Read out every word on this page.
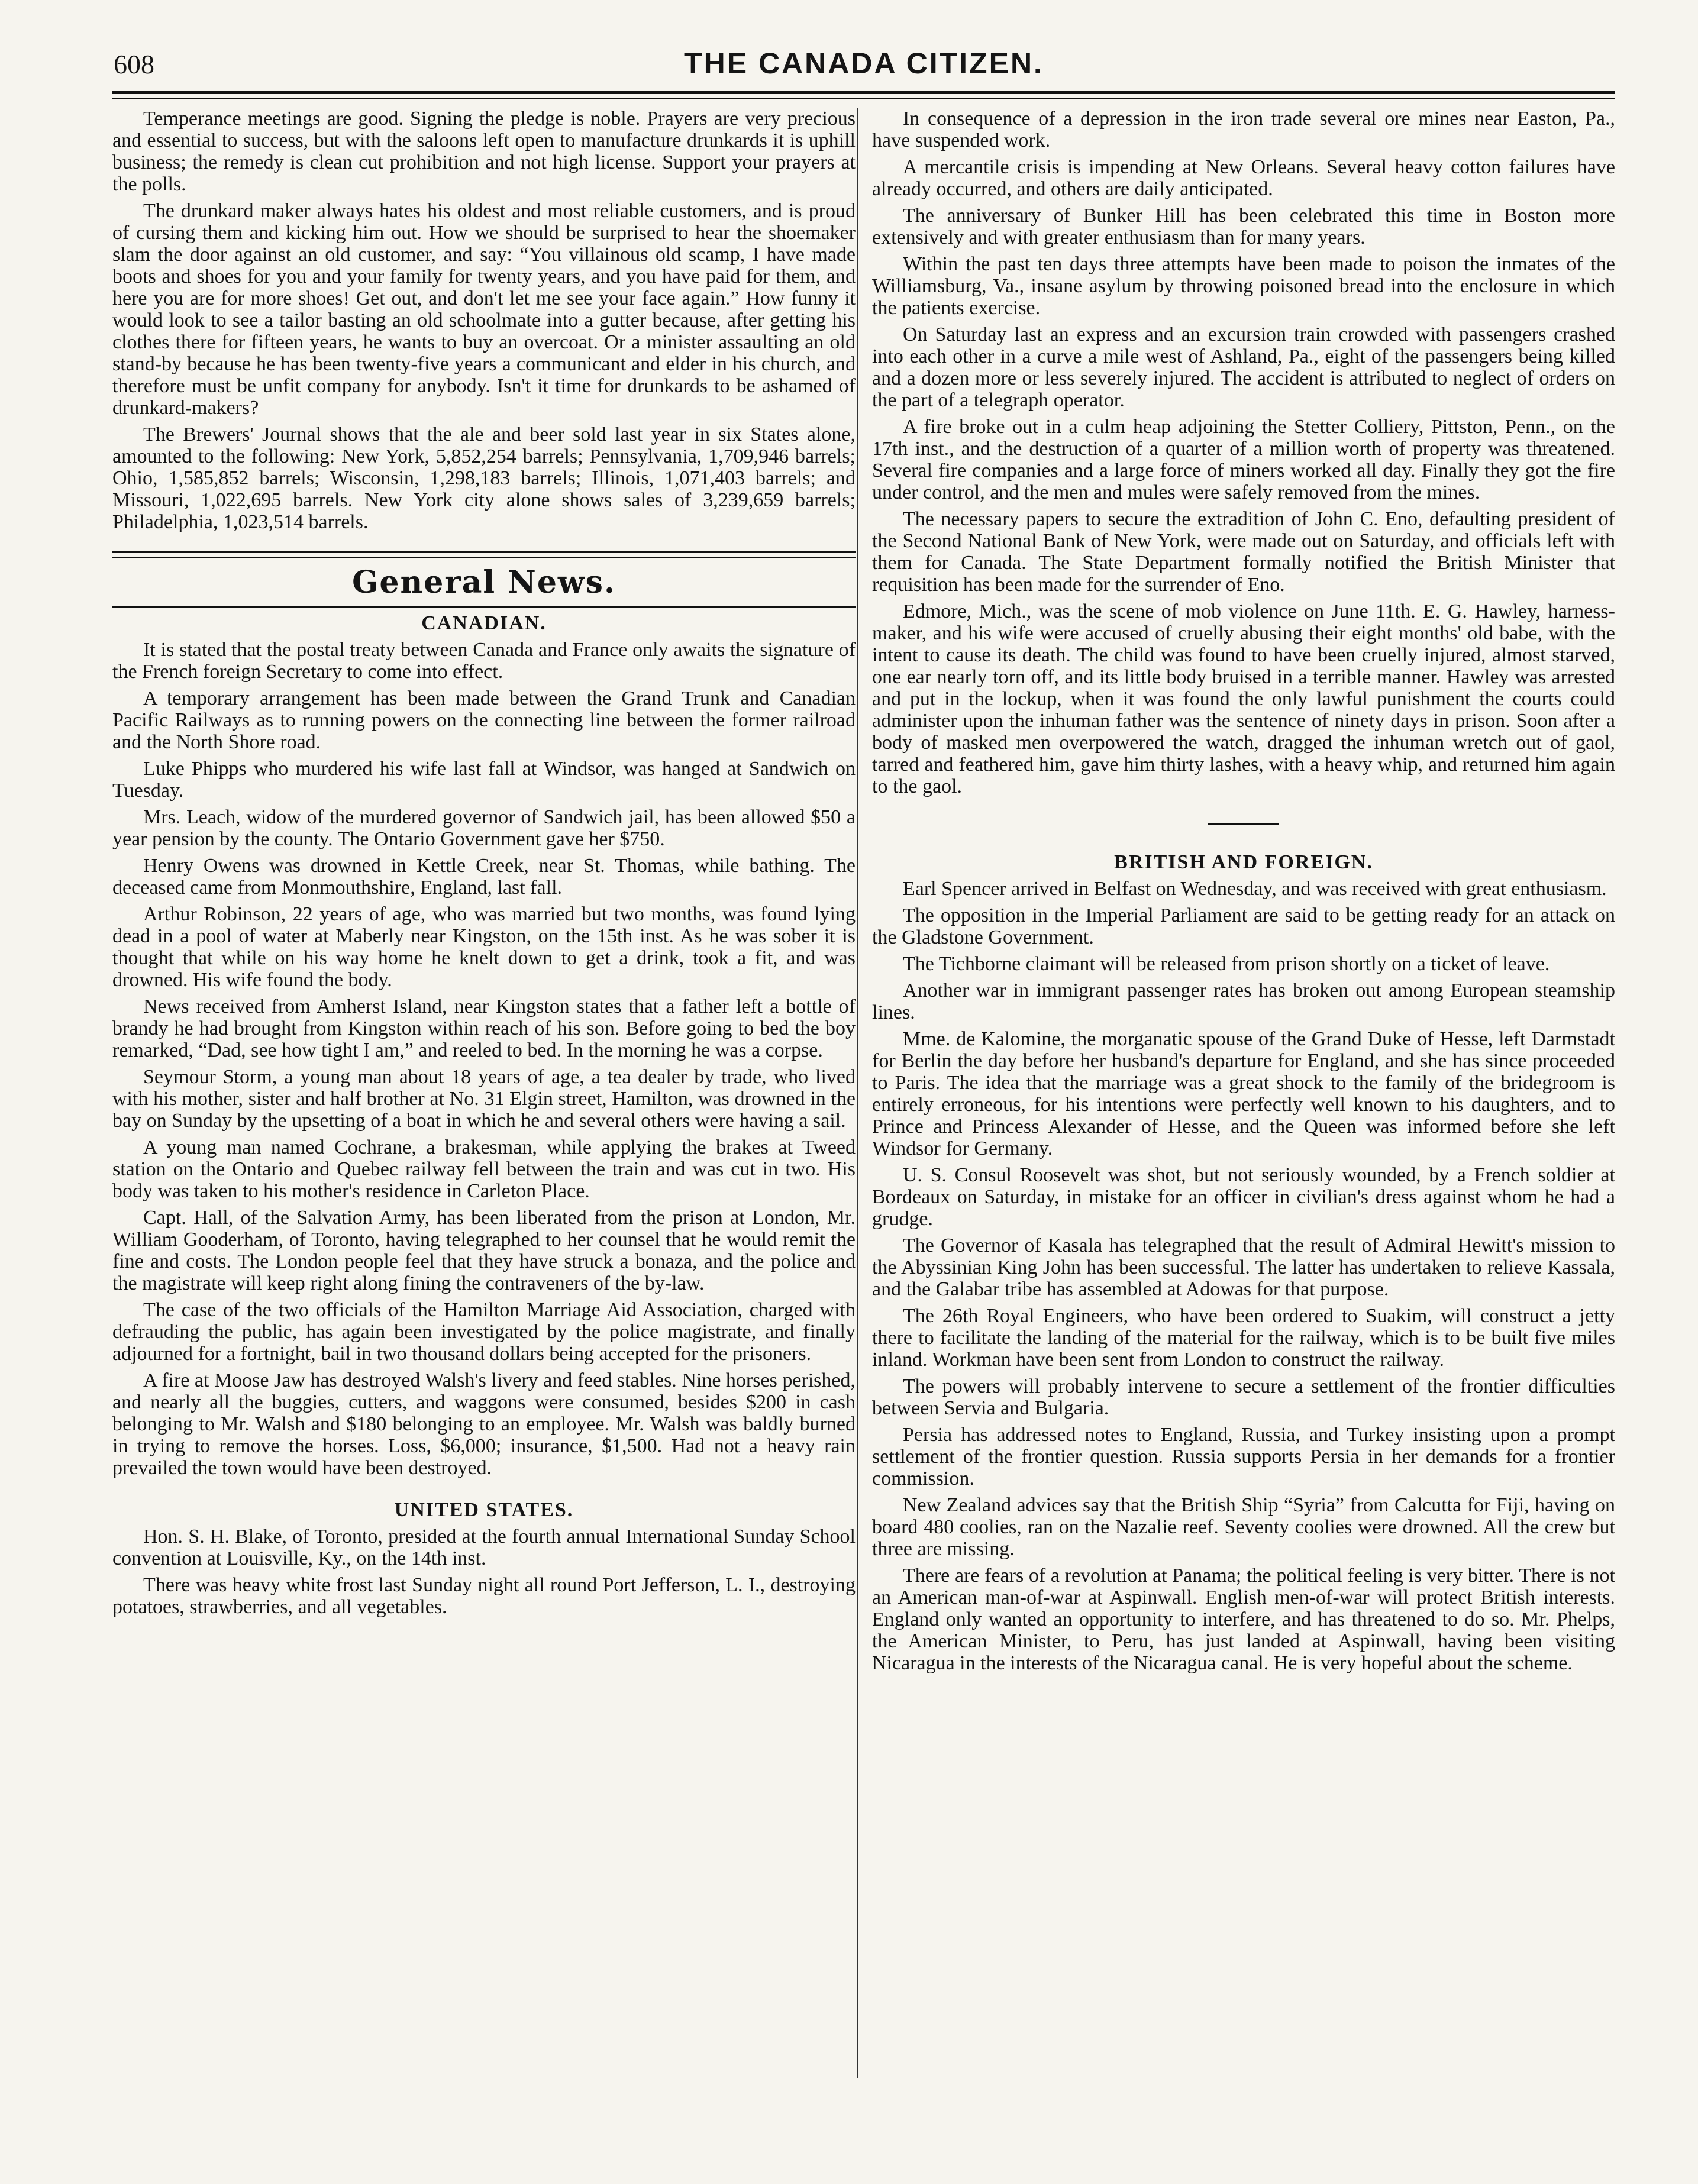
608	THE CANADA CITIZEN.

Temperance meetings are good. Signing the pledge is noble. Prayers are very precious and essential to success, but with the saloons left open to manufacture drunkards it is uphill business; the remedy is clean cut prohibition and not high license. Support your prayers at the polls.

The drunkard maker always hates his oldest and most reliable customers, and is proud of cursing them and kicking him out. How we should be surprised to hear the shoemaker slam the door against an old customer, and say: “You villainous old scamp, I have made boots and shoes for you and your family for twenty years, and you have paid for them, and here you are for more shoes! Get out, and don't let me see your face again.” How funny it would look to see a tailor basting an old schoolmate into a gutter because, after getting his clothes there for fifteen years, he wants to buy an overcoat. Or a minister assaulting an old stand-by because he has been twenty-five years a communicant and elder in his church, and therefore must be unfit company for anybody. Isn't it time for drunkards to be ashamed of drunkard-makers?

The Brewers' Journal shows that the ale and beer sold last year in six States alone, amounted to the following: New York, 5,852,254 barrels; Pennsylvania, 1,709,946 barrels; Ohio, 1,585,852 barrels; Wisconsin, 1,298,183 barrels; Illinois, 1,071,403 barrels; and Missouri, 1,022,695 barrels. New York city alone shows sales of 3,239,659 barrels; Philadelphia, 1,023,514 barrels.

General News.
CANADIAN.

It is stated that the postal treaty between Canada and France only awaits the signature of the French foreign Secretary to come into effect.

A temporary arrangement has been made between the Grand Trunk and Canadian Pacific Railways as to running powers on the connecting line between the former railroad and the North Shore road.

Luke Phipps who murdered his wife last fall at Windsor, was hanged at Sandwich on Tuesday.

Mrs. Leach, widow of the murdered governor of Sandwich jail, has been allowed $50 a year pension by the county. The Ontario Government gave her $750.

Henry Owens was drowned in Kettle Creek, near St. Thomas, while bathing. The deceased came from Monmouthshire, England, last fall.

Arthur Robinson, 22 years of age, who was married but two months, was found lying dead in a pool of water at Maberly near Kingston, on the 15th inst. As he was sober it is thought that while on his way home he knelt down to get a drink, took a fit, and was drowned. His wife found the body.

News received from Amherst Island, near Kingston states that a father left a bottle of brandy he had brought from Kingston within reach of his son. Before going to bed the boy remarked, “Dad, see how tight I am,” and reeled to bed. In the morning he was a corpse.

Seymour Storm, a young man about 18 years of age, a tea dealer by trade, who lived with his mother, sister and half brother at No. 31 Elgin street, Hamilton, was drowned in the bay on Sunday by the upsetting of a boat in which he and several others were having a sail.

A young man named Cochrane, a brakesman, while applying the brakes at Tweed station on the Ontario and Quebec railway fell between the train and was cut in two. His body was taken to his mother's residence in Carleton Place.

Capt. Hall, of the Salvation Army, has been liberated from the prison at London, Mr. William Gooderham, of Toronto, having telegraphed to her counsel that he would remit the fine and costs. The London people feel that they have struck a bonaza, and the police and the magistrate will keep right along fining the contraveners of the by-law.

The case of the two officials of the Hamilton Marriage Aid Association, charged with defrauding the public, has again been investigated by the police magistrate, and finally adjourned for a fortnight, bail in two thousand dollars being accepted for the prisoners.

A fire at Moose Jaw has destroyed Walsh's livery and feed stables. Nine horses perished, and nearly all the buggies, cutters, and waggons were consumed, besides $200 in cash belonging to Mr. Walsh and $180 belonging to an employee. Mr. Walsh was baldly burned in trying to remove the horses. Loss, $6,000; insurance, $1,500. Had not a heavy rain prevailed the town would have been destroyed.

UNITED STATES.

Hon. S. H. Blake, of Toronto, presided at the fourth annual International Sunday School convention at Louisville, Ky., on the 14th inst.

There was heavy white frost last Sunday night all round Port Jefferson, L. I., destroying potatoes, strawberries, and all vegetables.

In consequence of a depression in the iron trade several ore mines near Easton, Pa., have suspended work.

A mercantile crisis is impending at New Orleans. Several heavy cotton failures have already occurred, and others are daily anticipated.

The anniversary of Bunker Hill has been celebrated this time in Boston more extensively and with greater enthusiasm than for many years.

Within the past ten days three attempts have been made to poison the inmates of the Williamsburg, Va., insane asylum by throwing poisoned bread into the enclosure in which the patients exercise.

On Saturday last an express and an excursion train crowded with passengers crashed into each other in a curve a mile west of Ashland, Pa., eight of the passengers being killed and a dozen more or less severely injured. The accident is attributed to neglect of orders on the part of a telegraph operator.

A fire broke out in a culm heap adjoining the Stetter Colliery, Pittston, Penn., on the 17th inst., and the destruction of a quarter of a million worth of property was threatened. Several fire companies and a large force of miners worked all day. Finally they got the fire under control, and the men and mules were safely removed from the mines.

The necessary papers to secure the extradition of John C. Eno, defaulting president of the Second National Bank of New York, were made out on Saturday, and officials left with them for Canada. The State Department formally notified the British Minister that requisition has been made for the surrender of Eno.

Edmore, Mich., was the scene of mob violence on June 11th. E. G. Hawley, harness-maker, and his wife were accused of cruelly abusing their eight months' old babe, with the intent to cause its death. The child was found to have been cruelly injured, almost starved, one ear nearly torn off, and its little body bruised in a terrible manner. Hawley was arrested and put in the lockup, when it was found the only lawful punishment the courts could administer upon the inhuman father was the sentence of ninety days in prison. Soon after a body of masked men overpowered the watch, dragged the inhuman wretch out of gaol, tarred and feathered him, gave him thirty lashes, with a heavy whip, and returned him again to the gaol.

BRITISH AND FOREIGN.

Earl Spencer arrived in Belfast on Wednesday, and was received with great enthusiasm.

The opposition in the Imperial Parliament are said to be getting ready for an attack on the Gladstone Government.

The Tichborne claimant will be released from prison shortly on a ticket of leave.

Another war in immigrant passenger rates has broken out among European steamship lines.

Mme. de Kalomine, the morganatic spouse of the Grand Duke of Hesse, left Darmstadt for Berlin the day before her husband's departure for England, and she has since proceeded to Paris. The idea that the marriage was a great shock to the family of the bridegroom is entirely erroneous, for his intentions were perfectly well known to his daughters, and to Prince and Princess Alexander of Hesse, and the Queen was informed before she left Windsor for Germany.

U. S. Consul Roosevelt was shot, but not seriously wounded, by a French soldier at Bordeaux on Saturday, in mistake for an officer in civilian's dress against whom he had a grudge.

The Governor of Kasala has telegraphed that the result of Admiral Hewitt's mission to the Abyssinian King John has been successful. The latter has undertaken to relieve Kassala, and the Galabar tribe has assembled at Adowas for that purpose.

The 26th Royal Engineers, who have been ordered to Suakim, will construct a jetty there to facilitate the landing of the material for the railway, which is to be built five miles inland. Workman have been sent from London to construct the railway.

The powers will probably intervene to secure a settlement of the frontier difficulties between Servia and Bulgaria.

Persia has addressed notes to England, Russia, and Turkey insisting upon a prompt settlement of the frontier question. Russia supports Persia in her demands for a frontier commission.

New Zealand advices say that the British Ship “Syria” from Calcutta for Fiji, having on board 480 coolies, ran on the Nazalie reef. Seventy coolies were drowned. All the crew but three are missing.

There are fears of a revolution at Panama; the political feeling is very bitter. There is not an American man-of-war at Aspinwall. English men-of-war will protect British interests. England only wanted an opportunity to interfere, and has threatened to do so. Mr. Phelps, the American Minister, to Peru, has just landed at Aspinwall, having been visiting Nicaragua in the interests of the Nicaragua canal. He is very hopeful about the scheme.
